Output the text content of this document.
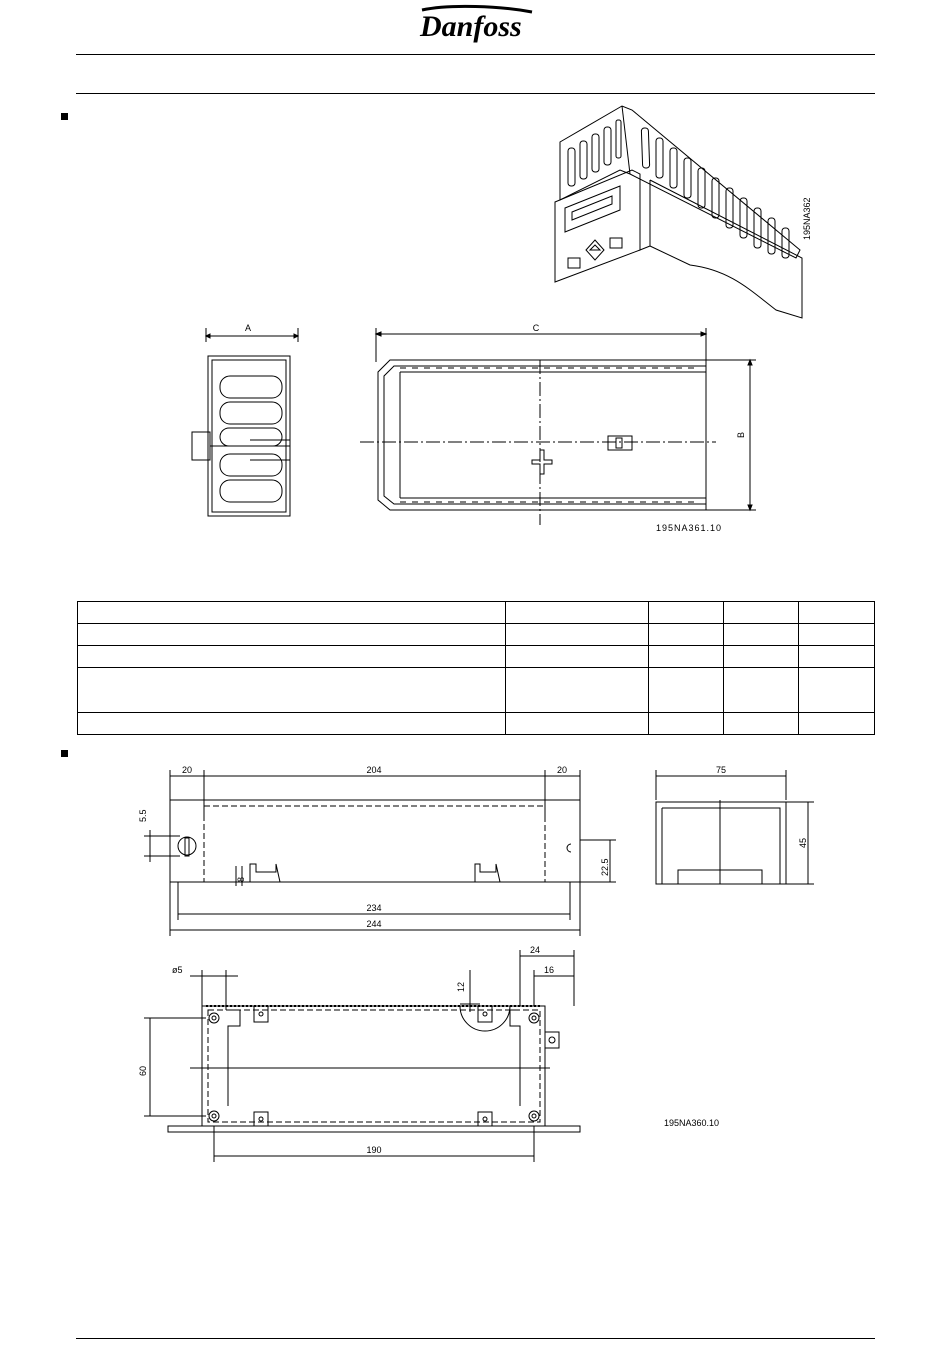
Danfoss
195NA362
A	C
B
195NA361.10

20	204	20
5.5
8
22.5
234
244
75
45
ø5
24
16
12
60
190
195NA360.10
